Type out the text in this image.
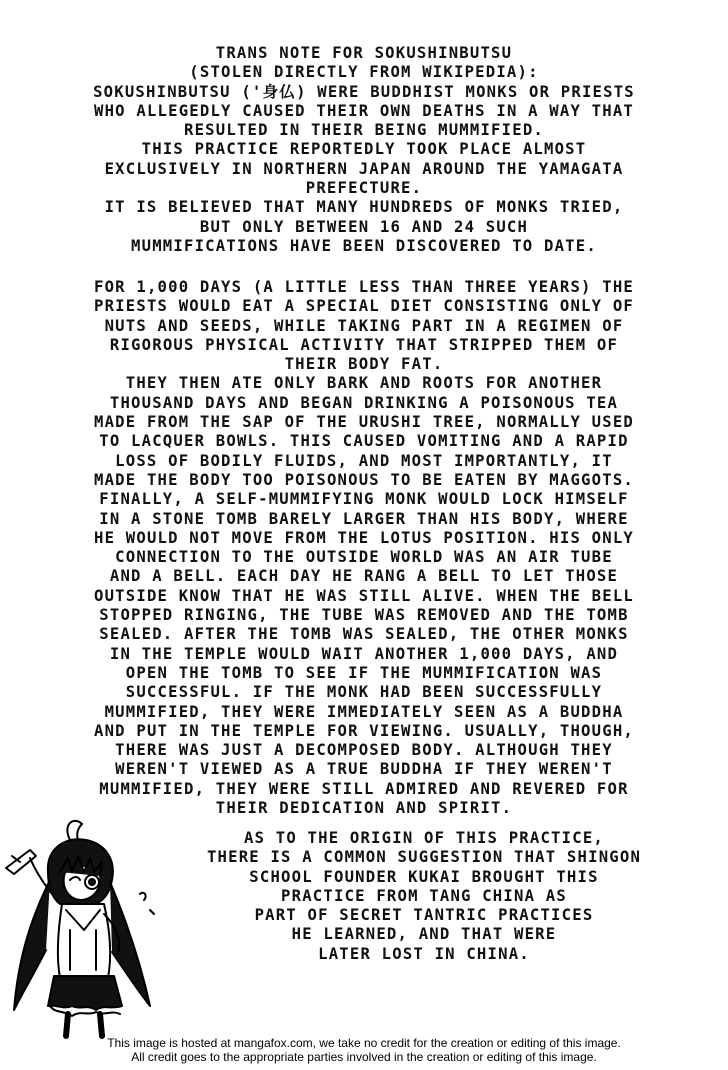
TRANS NOTE FOR SOKUSHINBUTSU
(STOLEN DIRECTLY FROM WIKIPEDIA):
SOKUSHINBUTSU ('身仏) WERE BUDDHIST MONKS OR PRIESTS
WHO ALLEGEDLY CAUSED THEIR OWN DEATHS IN A WAY THAT
RESULTED IN THEIR BEING MUMMIFIED.
THIS PRACTICE REPORTEDLY TOOK PLACE ALMOST
EXCLUSIVELY IN NORTHERN JAPAN AROUND THE YAMAGATA
PREFECTURE.
IT IS BELIEVED THAT MANY HUNDREDS OF MONKS TRIED,
BUT ONLY BETWEEN 16 AND 24 SUCH
MUMMIFICATIONS HAVE BEEN DISCOVERED TO DATE.
FOR 1,000 DAYS (A LITTLE LESS THAN THREE YEARS) THE
PRIESTS WOULD EAT A SPECIAL DIET CONSISTING ONLY OF
NUTS AND SEEDS, WHILE TAKING PART IN A REGIMEN OF
RIGOROUS PHYSICAL ACTIVITY THAT STRIPPED THEM OF
THEIR BODY FAT.
THEY THEN ATE ONLY BARK AND ROOTS FOR ANOTHER
THOUSAND DAYS AND BEGAN DRINKING A POISONOUS TEA
MADE FROM THE SAP OF THE URUSHI TREE, NORMALLY USED
TO LACQUER BOWLS. THIS CAUSED VOMITING AND A RAPID
LOSS OF BODILY FLUIDS, AND MOST IMPORTANTLY, IT
MADE THE BODY TOO POISONOUS TO BE EATEN BY MAGGOTS.
FINALLY, A SELF-MUMMIFYING MONK WOULD LOCK HIMSELF
IN A STONE TOMB BARELY LARGER THAN HIS BODY, WHERE
HE WOULD NOT MOVE FROM THE LOTUS POSITION. HIS ONLY
CONNECTION TO THE OUTSIDE WORLD WAS AN AIR TUBE
AND A BELL. EACH DAY HE RANG A BELL TO LET THOSE
OUTSIDE KNOW THAT HE WAS STILL ALIVE. WHEN THE BELL
STOPPED RINGING, THE TUBE WAS REMOVED AND THE TOMB
SEALED. AFTER THE TOMB WAS SEALED, THE OTHER MONKS
IN THE TEMPLE WOULD WAIT ANOTHER 1,000 DAYS, AND
OPEN THE TOMB TO SEE IF THE MUMMIFICATION WAS
SUCCESSFUL. IF THE MONK HAD BEEN SUCCESSFULLY
MUMMIFIED, THEY WERE IMMEDIATELY SEEN AS A BUDDHA
AND PUT IN THE TEMPLE FOR VIEWING. USUALLY, THOUGH,
THERE WAS JUST A DECOMPOSED BODY. ALTHOUGH THEY
WEREN'T VIEWED AS A TRUE BUDDHA IF THEY WEREN'T
MUMMIFIED, THEY WERE STILL ADMIRED AND REVERED FOR
THEIR DEDICATION AND SPIRIT.
AS TO THE ORIGIN OF THIS PRACTICE,
THERE IS A COMMON SUGGESTION THAT SHINGON
SCHOOL FOUNDER KUKAI BROUGHT THIS
PRACTICE FROM TANG CHINA AS
PART OF SECRET TANTRIC PRACTICES
HE LEARNED, AND THAT WERE
LATER LOST IN CHINA.
This image is hosted at mangafox.com, we take no credit for the creation or editing of this image.
All credit goes to the appropriate parties involved in the creation or editing of this image.
